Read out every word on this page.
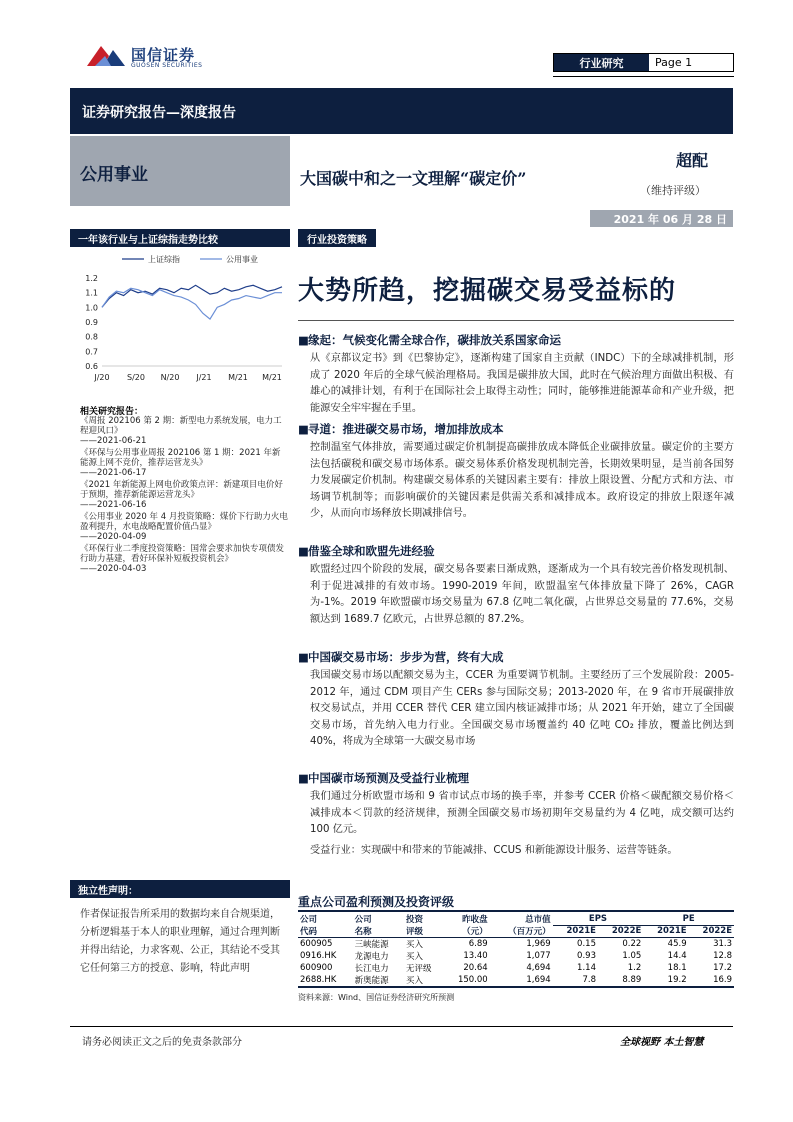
国信证券
GUOSEN SECURITIES	行业研究	Page 1
证券研究报告—深度报告
公用事业	大国碳中和之一文理解“碳定价”
超配
（维持评级）
2021 年 06 月 28 日
一年该行业与上证综指走势比较
上证综指	公用事业
1.2
1.1
1.0
0.9
0.8
0.7
0.6
J/20 S/20 N/20 J/21 M/21 M/21
相关研究报告：
《周报 202106 第 2 期：新型电力系统发展，电力工程迎风口》
——2021-06-21
《环保与公用事业周报 202106 第 1 期：2021 年新能源上网不竞价，推荐运营龙头》
——2021-06-17
《2021 年新能源上网电价政策点评：新建项目电价好于预期，推荐新能源运营龙头》
——2021-06-16
《公用事业 2020 年 4 月投资策略：煤价下行助力火电盈利提升，水电战略配置价值凸显》
——2020-04-09
《环保行业二季度投资策略：国常会要求加快专项债发行助力基建，看好环保补短板投资机会》
——2020-04-03
独立性声明：
作者保证报告所采用的数据均来自合规渠道，分析逻辑基于本人的职业理解，通过合理判断并得出结论，力求客观、公正，其结论不受其它任何第三方的授意、影响，特此声明
行业投资策略
大势所趋，挖掘碳交易受益标的
■缘起：气候变化需全球合作，碳排放关系国家命运
从《京都议定书》到《巴黎协定》，逐渐构建了国家自主贡献（INDC）下的全球减排机制，形成了 2020 年后的全球气候治理格局。我国是碳排放大国，此时在气候治理方面做出积极、有雄心的减排计划，有利于在国际社会上取得主动性；同时，能够推进能源革命和产业升级，把能源安全牢牢握在手里。
■寻道：推进碳交易市场，增加排放成本
控制温室气体排放，需要通过碳定价机制提高碳排放成本降低企业碳排放量。碳定价的主要方法包括碳税和碳交易市场体系。碳交易体系价格发现机制完善，长期效果明显，是当前各国努力发展碳定价机制。构建碳交易体系的关键因素主要有：排放上限设置、分配方式和方法、市场调节机制等；而影响碳价的关键因素是供需关系和减排成本。政府设定的排放上限逐年减少，从而向市场释放长期减排信号。
■借鉴全球和欧盟先进经验
欧盟经过四个阶段的发展，碳交易各要素日渐成熟，逐渐成为一个具有较完善价格发现机制、利于促进减排的有效市场。1990-2019 年间，欧盟温室气体排放量下降了 26%，CAGR 为-1%。2019 年欧盟碳市场交易量为 67.8 亿吨二氧化碳，占世界总交易量的 77.6%，交易额达到 1689.7 亿欧元，占世界总额的 87.2%。
■中国碳交易市场：步步为营，终有大成
我国碳交易市场以配额交易为主，CCER 为重要调节机制。主要经历了三个发展阶段：2005-2012 年，通过 CDM 项目产生 CERs 参与国际交易；2013-2020 年，在 9 省市开展碳排放权交易试点，并用 CCER 替代 CER 建立国内核证减排市场；从 2021 年开始，建立了全国碳交易市场，首先纳入电力行业。全国碳交易市场覆盖约 40 亿吨 CO₂ 排放，覆盖比例达到 40%，将成为全球第一大碳交易市场
■中国碳市场预测及受益行业梳理
我们通过分析欧盟市场和 9 省市试点市场的换手率，并参考 CCER 价格＜碳配额交易价格＜减排成本＜罚款的经济规律，预测全国碳交易市场初期年交易量约为 4 亿吨，成交额可达约 100 亿元。
受益行业：实现碳中和带来的节能减排、CCUS 和新能源设计服务、运营等链条。
重点公司盈利预测及投资评级
公司	公司	投资	昨收盘	总市值	EPS		PE	
代码	名称	评级	（元）	（百万元）	2021E	2022E	2021E	2022E
600905	三峡能源	买入	6.89	1,969	0.15	0.22	45.9	31.3
0916.HK	龙源电力	买入	13.40	1,077	0.93	1.05	14.4	12.8
600900	长江电力	无评级	20.64	4,694	1.14	1.2	18.1	17.2
2688.HK	新奥能源	买入	150.00	1,694	7.8	8.89	19.2	16.9
资料来源：Wind、国信证券经济研究所预测
请务必阅读正文之后的免责条款部分	全球视野 本土智慧
